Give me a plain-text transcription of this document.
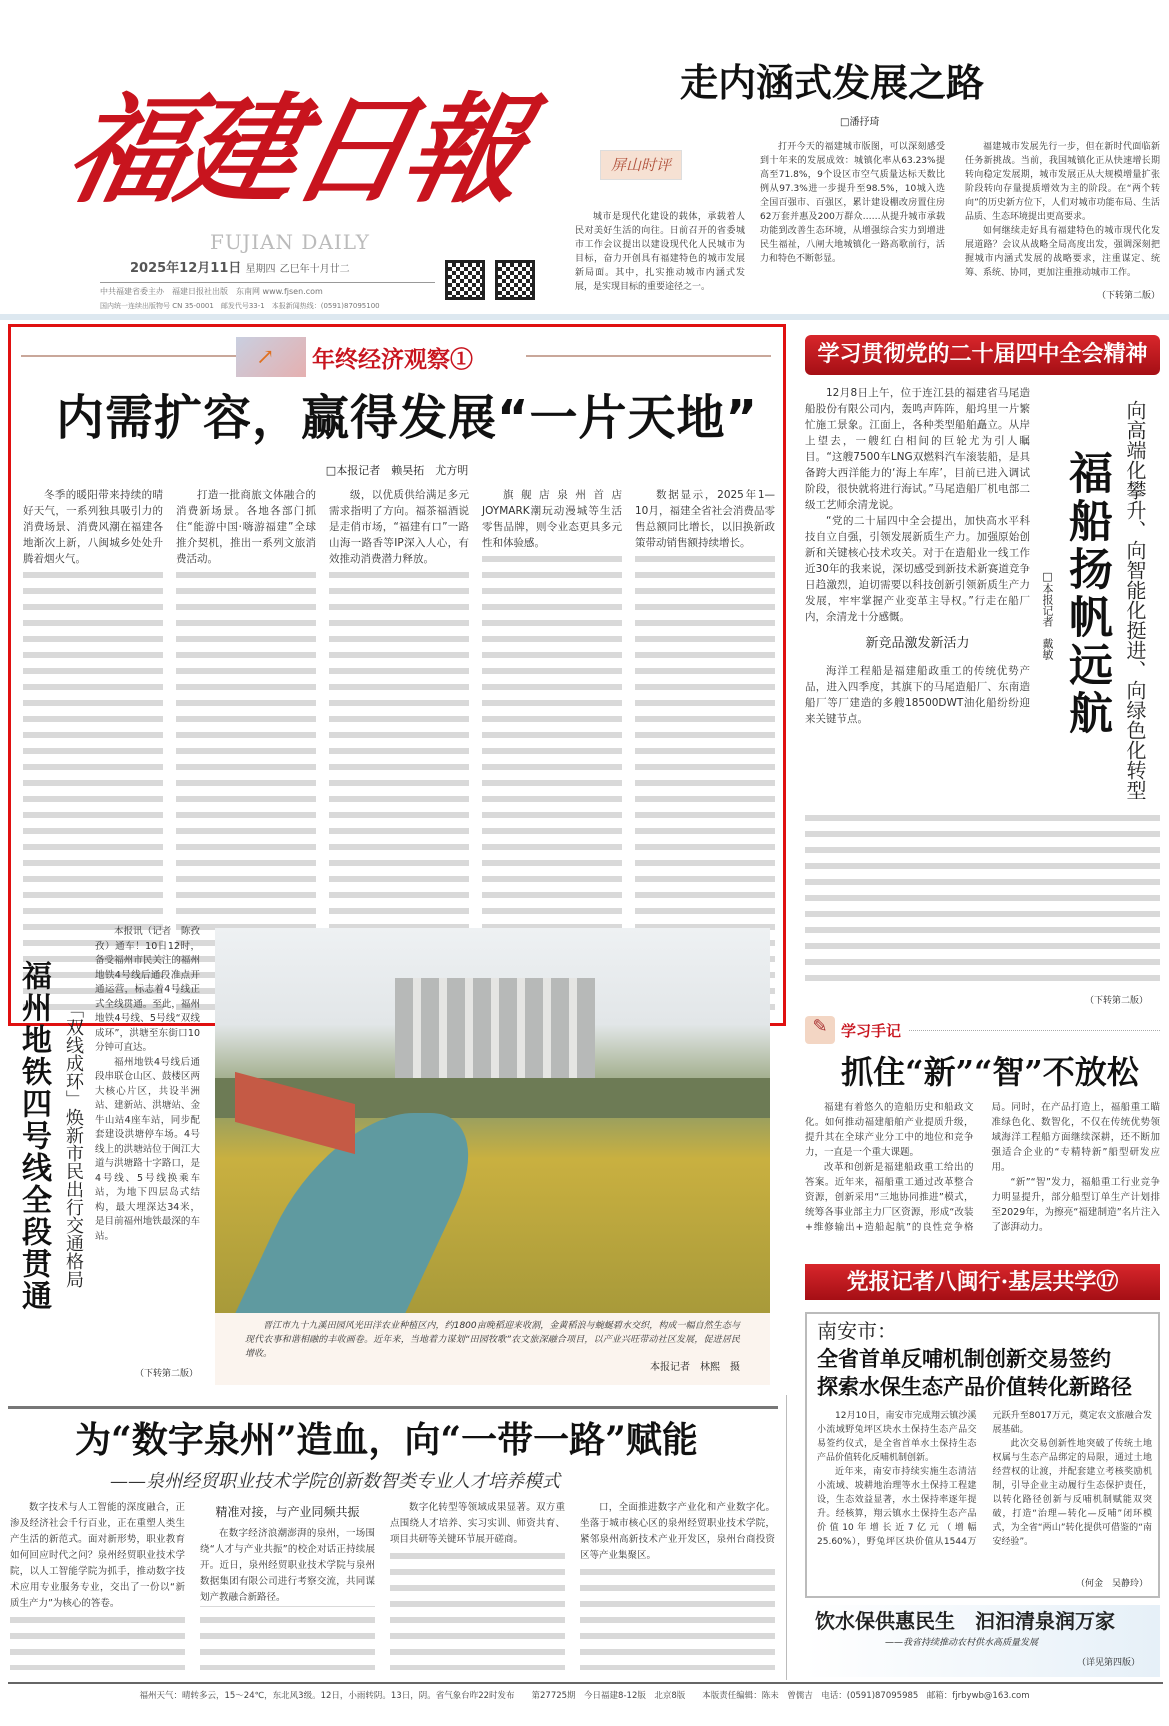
福建日報
FUJIAN DAILY
2025年12月11日 星期四 乙巳年十月廿二
中共福建省委主办　福建日报社出版　东南网 www.fjsen.com
国内统一连续出版物号 CN 35-0001　邮发代号33-1　本报新闻热线：(0591)87095100
走内涵式发展之路
□潘抒琦
屏山时评

城市是现代化建设的载体，承载着人民对美好生活的向往。日前召开的省委城市工作会议提出以建设现代化人民城市为目标，奋力开创具有福建特色的城市发展新局面。其中，扎实推动城市内涵式发展，是实现目标的重要途径之一。

打开今天的福建城市版图，可以深刻感受到十年来的发展成效：城镇化率从63.23%提高至71.8%，9个设区市空气质量达标天数比例从97.3%进一步提升至98.5%，10城入选全国百强市、百强区，累计建设棚改房置住房62万套并惠及200万群众……从提升城市承载功能到改善生态环境，从增强综合实力到增进民生福祉，八闸大地城镇化一路高歌前行，活力和特色不断彰显。

福建城市发展先行一步，但在新时代面临新任务新挑战。当前，我国城镇化正从快速增长期转向稳定发展期，城市发展正从大规模增量扩张阶段转向存量提质增效为主的阶段。在“两个转向”的历史新方位下，人们对城市功能布局、生活品质、生态环境提出更高要求。

如何继续走好具有福建特色的城市现代化发展道路？会议从战略全局高度出发，强调深刻把握城市内涵式发展的战略要求，注重谋定、统筹、系统、协同，更加注重推动城市工作。

（下转第二版）
↗ 年终经济观察①
内需扩容，赢得发展“一片天地”
□本报记者　赖昊拓　尤方明

冬季的暖阳带来持续的晴好天气，一系列独具吸引力的消费场景、消费风潮在福建各地渐次上新，八闽城乡处处升腾着烟火气。

打造一批商旅文体融合的消费新场景。各地各部门抓住“能游中国·嗨游福建”全球推介契机，推出一系列文旅消费活动。

级，以优质供给满足多元需求指明了方向。福茶福酒说是走俏市场，“福建有口”一路山海一路香等IP深入人心，有效推动消费潜力释放。

旗舰店泉州首店JOYMARK潮玩动漫城等生活零售品牌，则令业态更具多元性和体验感。

数据显示，2025年1—10月，福建全省社会消费品零售总额同比增长，以旧换新政策带动销售额持续增长。

学习贯彻党的二十届四中全会精神

12月8日上午，位于连江县的福建省马尾造船股份有限公司内，轰鸣声阵阵，船坞里一片繁忙施工景象。江面上，各种类型船舶矗立。从岸上望去，一艘红白相间的巨轮尤为引人瞩目。“这艘7500车LNG双燃料汽车滚装船，是具备跨大西洋能力的‘海上车库’，目前已进入调试阶段，很快就将进行海试。”马尾造船厂机电部二级工艺师余清龙说。

“党的二十届四中全会提出，加快高水平科技自立自强，引领发展新质生产力。加强原始创新和关键核心技术攻关。对于在造船业一线工作近30年的我来说，深切感受到新技术新赛道竞争日趋激烈，迫切需要以科技创新引领新质生产力发展，牢牢掌握产业变革主导权。”行走在船厂内，余清龙十分感慨。

新竞品激发新活力

海洋工程船是福建船政重工的传统优势产品，进入四季度，其旗下的马尾造船厂、东南造船厂等厂建造的多艘18500DWT油化船纷纷迎来关键节点。	福船扬帆远航 向高端化攀升、向智能化挺进、向绿色化转型
□本报记者　戴敏
（下转第二版）
✎ 学习手记
抓住“新”“智”不放松

福建有着悠久的造船历史和船政文化。如何推动福建船舶产业提质升级，提升其在全球产业分工中的地位和竞争力，一直是一个重大课题。

改革和创新是福建船政重工给出的答案。近年来，福船重工通过改革整合资源，创新采用“三地协同推进”模式，统筹各事业部主力厂区资源，形成“改装+维修输出+造船起航”的良性竞争格局。同时，在产品打造上，福船重工瞄准绿色化、数智化，不仅在传统优势领域海洋工程船方面继续深耕，还不断加强适合企业的“专精特新”船型研发应用。

“新”“智”发力，福船重工行业竞争力明显提升，部分船型订单生产计划排至2029年，为擦亮“福建制造”名片注入了澎湃动力。

党报记者八闽行·基层共学⑰
南安市：
全省首单反哺机制创新交易签约
探索水保生态产品价值转化新路径

12月10日，南安市完成翔云镇沙溪小流域野兔坪区块水土保持生态产品交易签约仪式，是全省首单水土保持生态产品价值转化反哺机制创新。

近年来，南安市持续实施生态清洁小流域、坡耕地治理等水土保持工程建设，生态效益显著，水土保持率逐年提升。经核算，翔云镇水土保持生态产品价值10年增长近7亿元（增幅25.60%），野兔坪区块价值从1544万元跃升至8017万元，奠定农文旅融合发展基础。

此次交易创新性地突破了传统土地权属与生态产品绑定的局限，通过土地经营权的让渡，并配套建立考核奖励机制，引导企业主动履行生态保护责任，以转化路径创新与反哺机制赋能双突破，打造“治理—转化—反哺”闭环模式，为全省“两山”转化提供可借鉴的“南安经验”。

（何金　吴静玲）
饮水保供惠民生　汩汩清泉润万家
——我省持续推动农村供水高质量发展
（详见第四版）
福州地铁四号线全段贯通 「双线成环」焕新市民出行交通格局

本报讯（记者　陈孜孜）通车！10日12时，备受福州市民关注的福州地铁4号线后通段准点开通运营，标志着4号线正式全线贯通。至此，福州地铁4号线、5号线“双线成环”，洪塘至东街口10分钟可直达。

福州地铁4号线后通段串联仓山区、鼓楼区两大核心片区，共设半洲站、建新站、洪塘站、金牛山站4座车站，同步配套建设洪塘停车场。4号线上的洪塘站位于闽江大道与洪塘路十字路口，是4号线、5号线换乘车站，为地下四层岛式结构，最大埋深达34米，是目前福州地铁最深的车站。

（下转第二版）

晋江市九十九溪田园风光田洋农业种植区内，约1800亩晚稻迎来收割，金黄稻浪与蜿蜒碧水交织，构成一幅自然生态与现代农事和谐相融的丰收画卷。近年来，当地着力谋划“田园牧歌”农文旅深融合项目，以产业兴旺带动社区发展，促进居民增收。

本报记者　林熙　摄
为“数字泉州”造血，向“一带一路”赋能
——泉州经贸职业技术学院创新数智类专业人才培养模式

数字技术与人工智能的深度融合，正渗及经济社会千行百业，正在重塑人类生产生活的新范式。面对新形势，职业教育如何回应时代之问？泉州经贸职业技术学院，以人工智能学院为抓手，推动数字技术应用专业服务专业，交出了一份以“新质生产力”为核心的答卷。

精准对接，与产业同频共振

在数字经济浪潮澎湃的泉州，一场围绕“人才与产业共振”的校企对话正持续展开。近日，泉州经贸职业技术学院与泉州数据集团有限公司进行考察交流，共同谋划产教融合新路径。

数字化转型等领域成果显著。双方重点围绕人才培养、实习实训、师资共育、项目共研等关键环节展开磋商。

口，全面推进数字产业化和产业数字化。坐落于城市核心区的泉州经贸职业技术学院，紧邻泉州高新技术产业开发区，泉州台商投资区等产业集聚区。

福州天气：晴转多云，15～24℃，东北风3级。12日，小雨转阴。13日，阴。省气象台昨22时发布　　第27725期　今日福建8-12版　北京8版　　本版责任编辑：陈未　曾儒吉　电话：(0591)87095985　邮箱：fjrbywb@163.com
